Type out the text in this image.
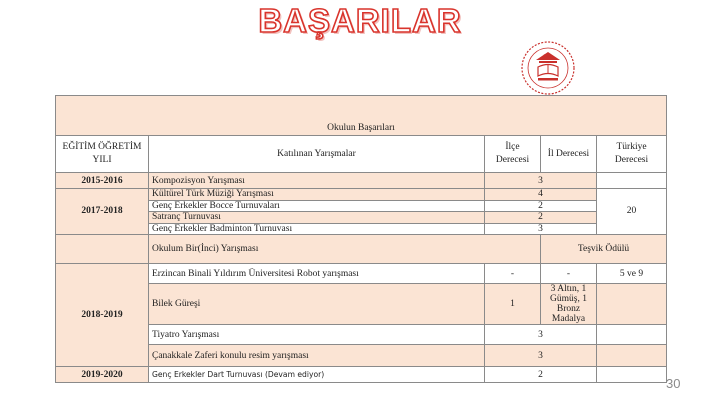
BAŞARILAR
Okulun Başarıları				
EĞİTİM ÖĞRETİM YILI	Katılınan Yarışmalar	İlçe Derecesi	İl Derecesi	Türkiye Derecesi
2015-2016	Kompozisyon Yarışması	3		
2017-2018	Kültürel Türk Müziği Yarışması	4		20
	Genç Erkekler Bocce Turnuvaları	2		
	Satranç Turnuvası	2		
	Genç Erkekler Badminton Turnuvası	3		
	Okulum Bir(İnci) Yarışması		Teşvik Ödülü	
2018-2019	Erzincan Binali Yıldırım Üniversitesi Robot yarışması	-	-	5 ve 9
	Bilek Güreşi	1	3 Altın, 1 Gümüş, 1 Bronz Madalya	
	Tiyatro Yarışması	3		
	Çanakkale Zaferi konulu resim yarışması	3		
2019-2020	Genç Erkekler Dart Turnuvası (Devam ediyor)	2		
30
